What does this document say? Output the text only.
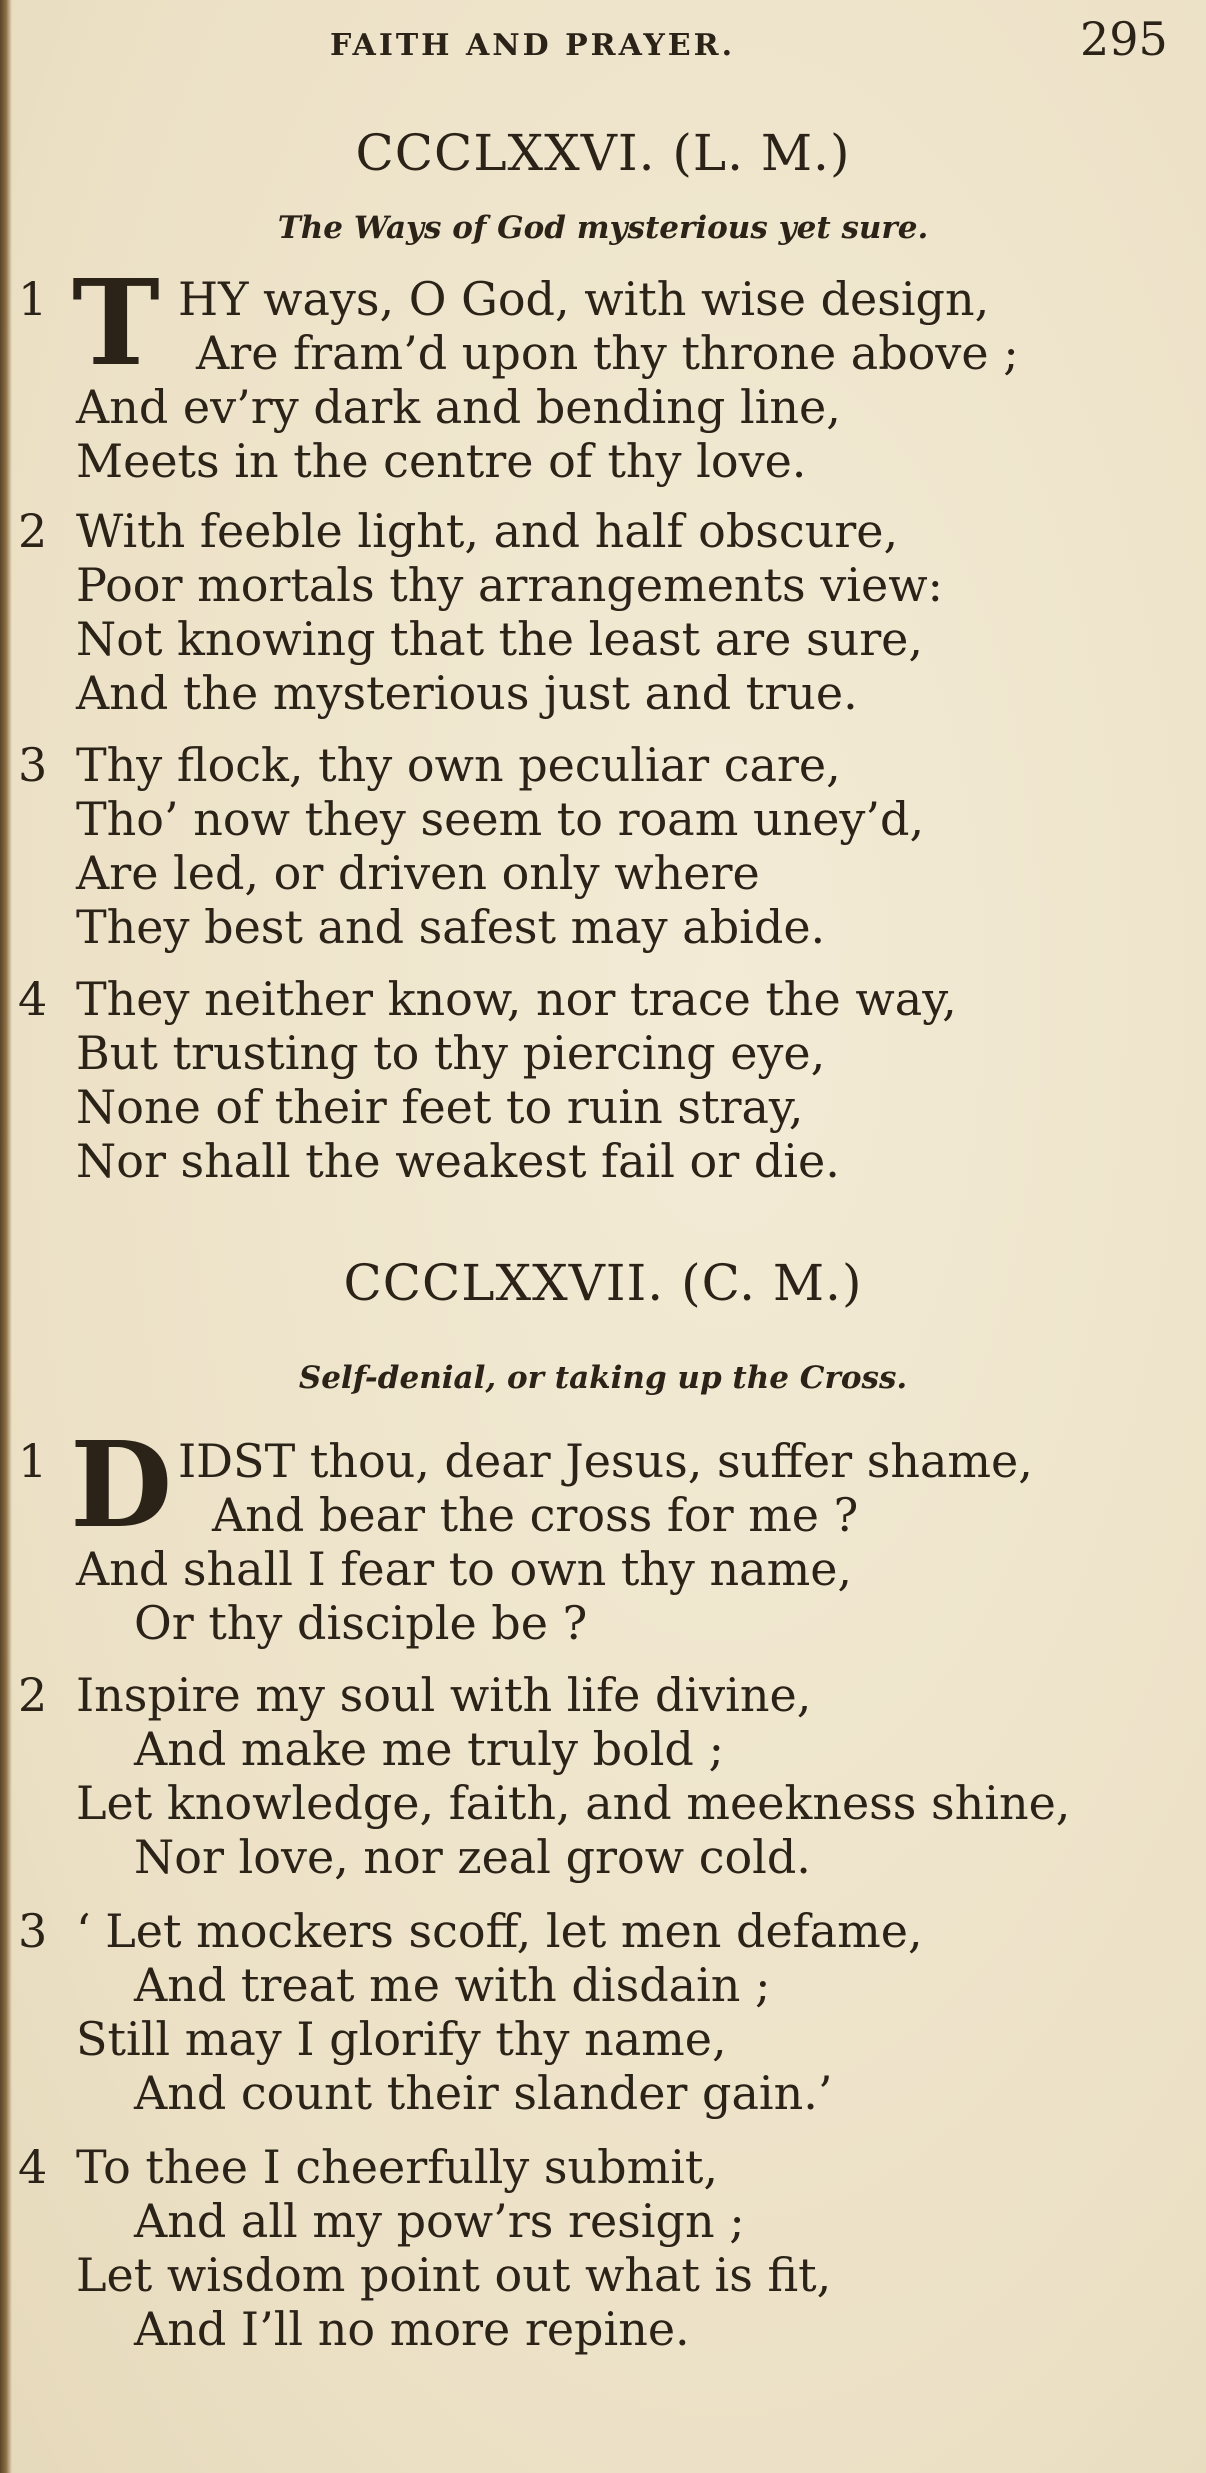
FAITH AND PRAYER.	295
CCCLXXVI. (L. M.)
The Ways of God mysterious yet sure.
1 T HY ways, O God, with wise design,
Are fram’d upon thy throne above ;
And ev’ry dark and bending line,
Meets in the centre of thy love.
2 With feeble light, and half obscure,
Poor mortals thy arrangements view:
Not knowing that the least are sure,
And the mysterious just and true.
3 Thy flock, thy own peculiar care,
Tho’ now they seem to roam uney’d,
Are led, or driven only where
They best and safest may abide.
4 They neither know, nor trace the way,
But trusting to thy piercing eye,
None of their feet to ruin stray,
Nor shall the weakest fail or die.
CCCLXXVII. (C. M.)
Self-denial, or taking up the Cross.
1 D IDST thou, dear Jesus, suffer shame,
And bear the cross for me ?
And shall I fear to own thy name,
Or thy disciple be ?
2 Inspire my soul with life divine,
And make me truly bold ;
Let knowledge, faith, and meekness shine,
Nor love, nor zeal grow cold.
3 ‘ Let mockers scoff, let men defame,
And treat me with disdain ;
Still may I glorify thy name,
And count their slander gain.’
4 To thee I cheerfully submit,
And all my pow’rs resign ;
Let wisdom point out what is fit,
And I’ll no more repine.
